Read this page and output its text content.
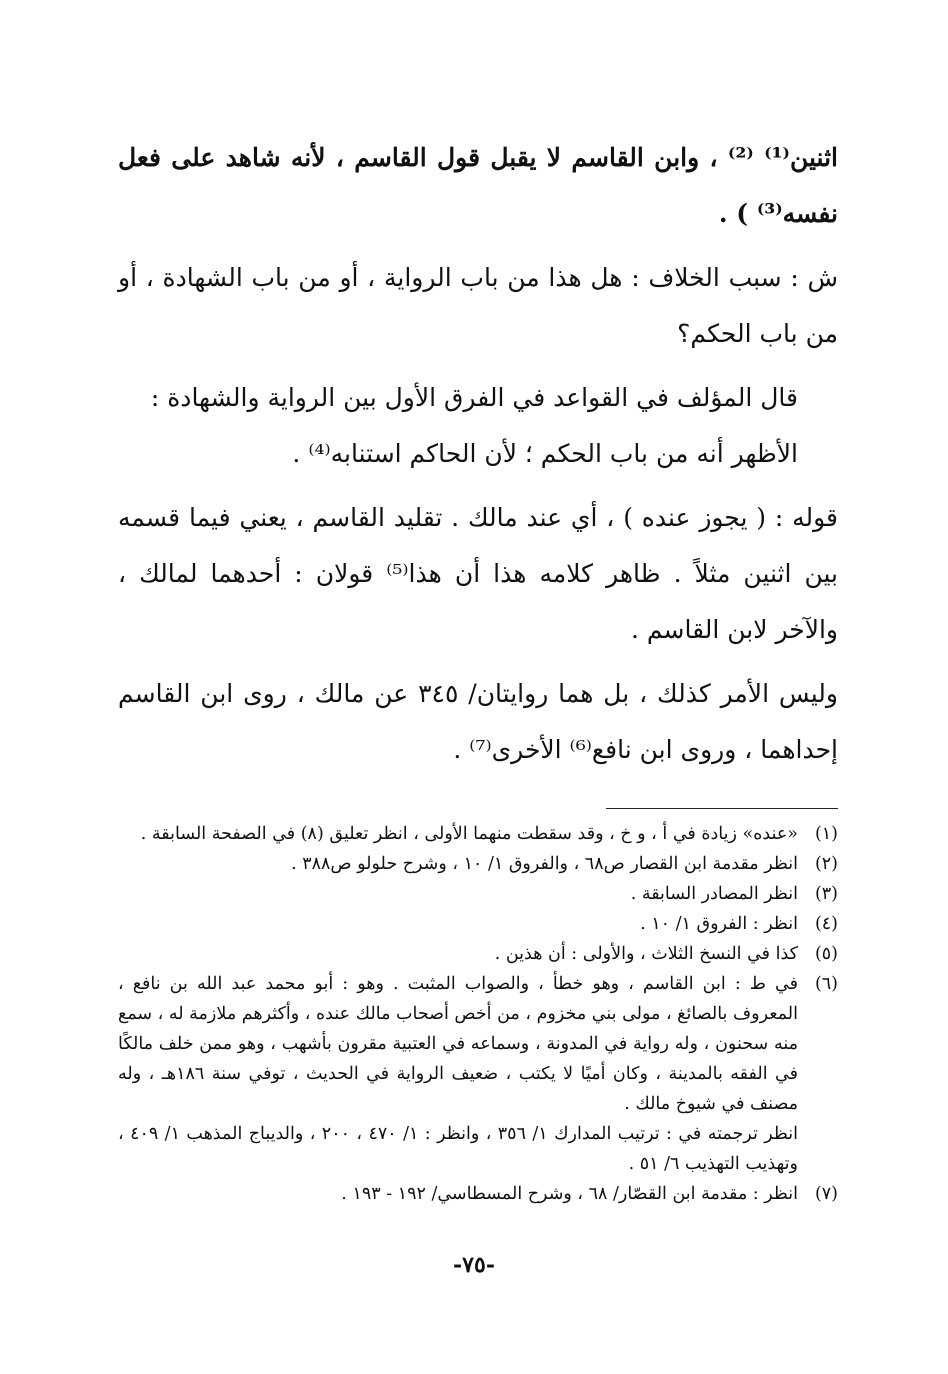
اثنين⁽¹⁾ ⁽²⁾ ، وابن القاسم لا يقبل قول القاسم ، لأنه شاهد على فعل نفسه⁽³⁾ ) .

ش : سبب الخلاف : هل هذا من باب الرواية ، أو من باب الشهادة ، أو من باب الحكم؟

قال المؤلف في القواعد في الفرق الأول بين الرواية والشهادة :

الأظهر أنه من باب الحكم ؛ لأن الحاكم استنابه⁽⁴⁾ .

قوله : ( يجوز عنده ) ، أي عند مالك . تقليد القاسم ، يعني فيما قسمه بين اثنين مثلاً . ظاهر كلامه هذا أن هذا⁽⁵⁾ قولان : أحدهما لمالك ، والآخر لابن القاسم .

وليس الأمر كذلك ، بل هما روايتان/ ٣٤٥ عن مالك ، روى ابن القاسم إحداهما ، وروى ابن نافع⁽⁶⁾ الأخرى⁽⁷⁾ .

(١)
«عنده» زيادة في أ ، و خ ، وقد سقطت منهما الأولى ، انظر تعليق (٨) في الصفحة السابقة .
(٢)
انظر مقدمة ابن القصار ص٦٨ ، والفروق ١/ ١٠ ، وشرح حلولو ص٣٨٨ .
(٣)
انظر المصادر السابقة .
(٤)
انظر : الفروق ١/ ١٠ .
(٥)
كذا في النسخ الثلاث ، والأولى : أن هذين .
(٦)
في ط : ابن القاسم ، وهو خطأ ، والصواب المثبت . وهو : أبو محمد عبد الله بن نافع ، المعروف بالصائغ ، مولى بني مخزوم ، من أخص أصحاب مالك عنده ، وأكثرهم ملازمة له ، سمع منه سحنون ، وله رواية في المدونة ، وسماعه في العتبية مقرون بأشهب ، وهو ممن خلف مالكًا في الفقه بالمدينة ، وكان أميًا لا يكتب ، ضعيف الرواية في الحديث ، توفي سنة ١٨٦هـ ، وله مصنف في شيوخ مالك .
انظر ترجمته في : ترتيب المدارك ١/ ٣٥٦ ، وانظر : ١/ ٤٧٠ ، ٢٠٠ ، والديباج المذهب ١/ ٤٠٩ ، وتهذيب التهذيب ٦/ ٥١ .
(٧)
انظر : مقدمة ابن القصّار/ ٦٨ ، وشرح المسطاسي/ ١٩٢ - ١٩٣ .
-٧٥-
